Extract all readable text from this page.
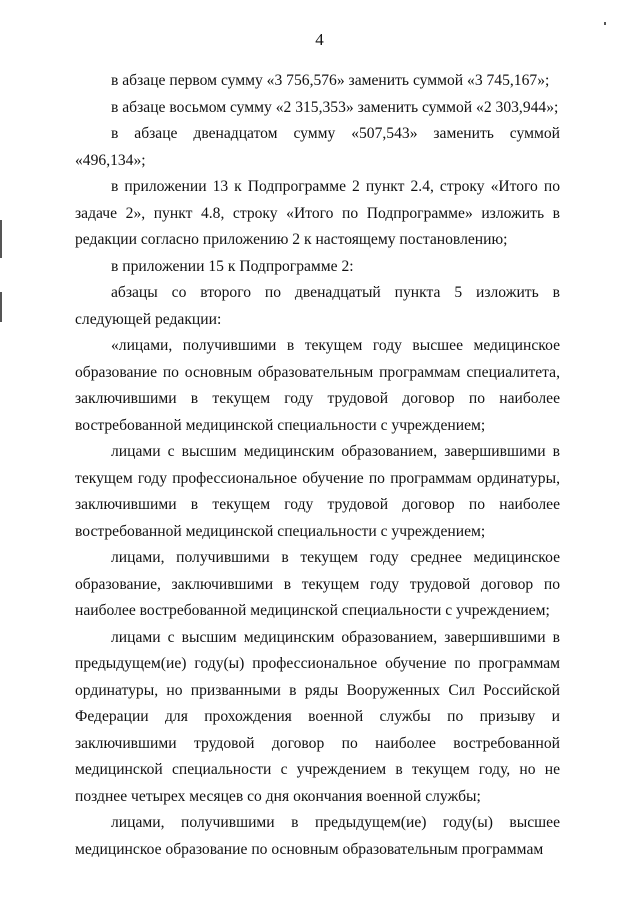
4

в абзаце первом сумму «3 756,576» заменить суммой «3 745,167»;

в абзаце восьмом сумму «2 315,353» заменить суммой «2 303,944»;

в абзаце двенадцатом сумму «507,543» заменить суммой «496,134»;

в приложении 13 к Подпрограмме 2 пункт 2.4, строку «Итого по задаче 2», пункт 4.8, строку «Итого по Подпрограмме» изложить в редакции согласно приложению 2 к настоящему постановлению;

в приложении 15 к Подпрограмме 2:

абзацы со второго по двенадцатый пункта 5 изложить в следующей редакции:

«лицами, получившими в текущем году высшее медицинское образование по основным образовательным программам специалитета, заключившими в текущем году трудовой договор по наиболее востребованной медицинской специальности с учреждением;

лицами с высшим медицинским образованием, завершившими в текущем году профессиональное обучение по программам ординатуры, заключившими в текущем году трудовой договор по наиболее востребованной медицинской специальности с учреждением;

лицами, получившими в текущем году среднее медицинское образование, заключившими в текущем году трудовой договор по наиболее востребованной медицинской специальности с учреждением;

лицами с высшим медицинским образованием, завершившими в предыдущем(ие) году(ы) профессиональное обучение по программам ординатуры, но призванными в ряды Вооруженных Сил Российской Федерации для прохождения военной службы по призыву и заключившими трудовой договор по наиболее востребованной медицинской специальности с учреждением в текущем году, но не позднее четырех месяцев со дня окончания военной службы;

лицами, получившими в предыдущем(ие) году(ы) высшее медицинское образование по основным образовательным программам
